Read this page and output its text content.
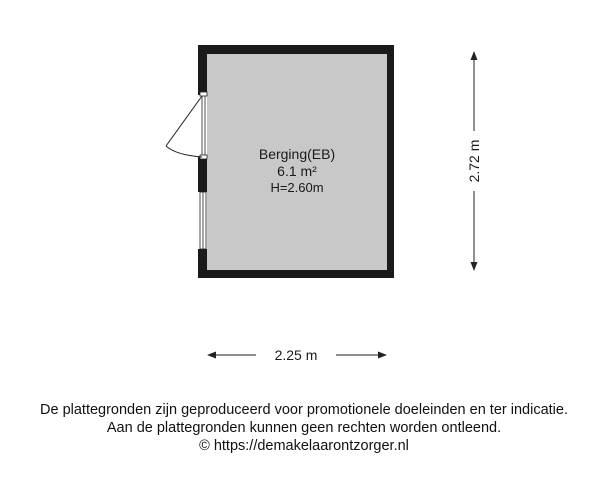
Berging(EB)
6.1 m²
H=2.60m
2.25 m
2.72 m
De plattegronden zijn geproduceerd voor promotionele doeleinden en ter indicatie.
Aan de plattegronden kunnen geen rechten worden ontleend.
© https://demakelaarontzorger.nl
